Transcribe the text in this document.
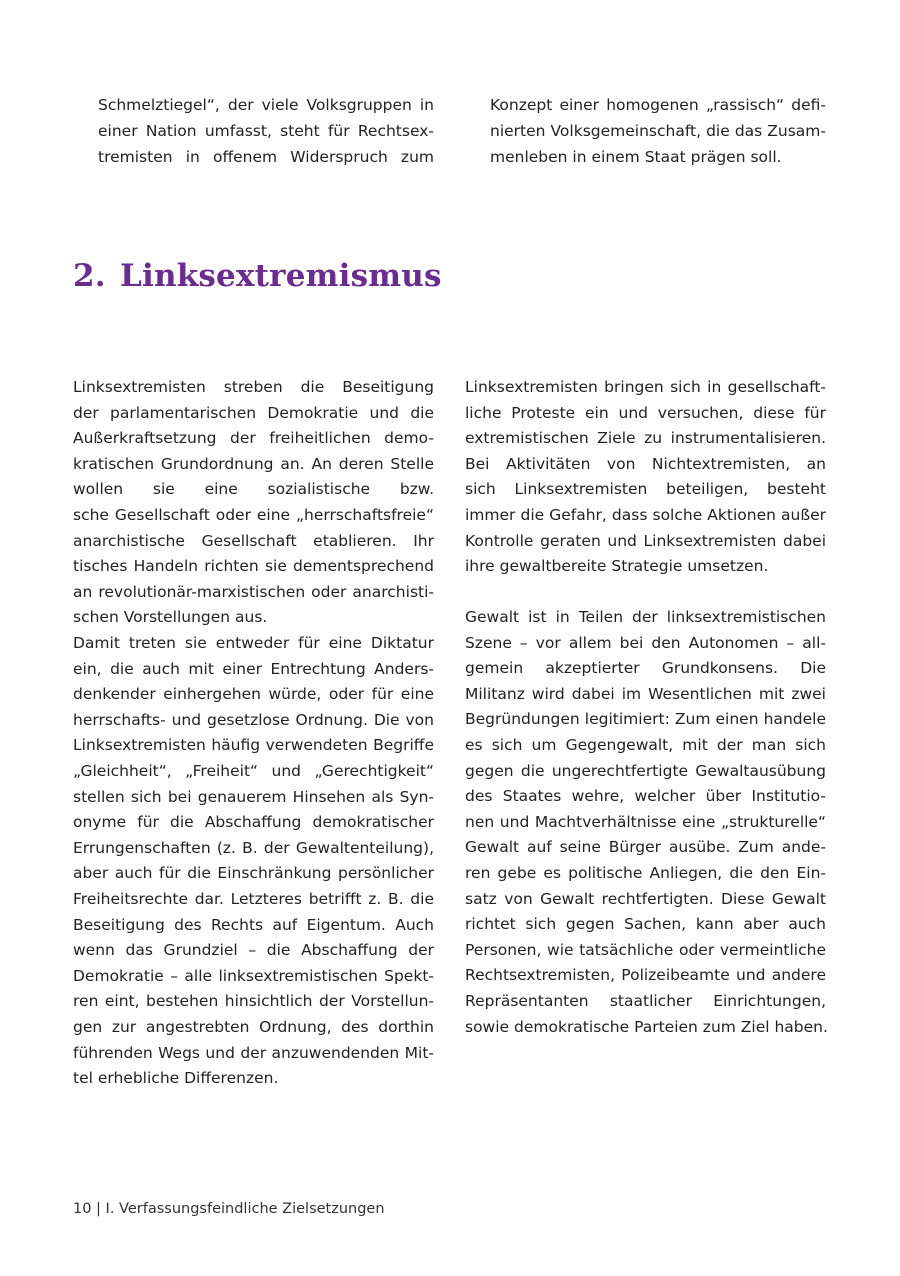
Schmelztiegel“, der viele Volksgruppen in
einer Nation umfasst, steht für Rechtsex-
tremisten in offenem Widerspruch zum
Konzept einer homogenen „rassisch“ defi-
nierten Volksgemeinschaft, die das Zusam-
menleben in einem Staat prägen soll.
2. Linksextremismus
Linksextremisten streben die Beseitigung
der parlamentarischen Demokratie und die
Außerkraftsetzung der freiheitlichen demo-
kratischen Grundordnung an. An deren Stelle
wollen sie eine sozialistische bzw.
sche Gesellschaft oder eine „herrschaftsfreie“
anarchistische Gesellschaft etablieren. Ihr
tisches Handeln richten sie dementsprechend
an revolutionär-marxistischen oder anarchisti-
schen Vorstellungen aus.
Damit treten sie entweder für eine Diktatur
ein, die auch mit einer Entrechtung Anders-
denkender einhergehen würde, oder für eine
herrschafts- und gesetzlose Ordnung. Die von
Linksextremisten häufig verwendeten Begriffe
„Gleichheit“, „Freiheit“ und „Gerechtigkeit“
stellen sich bei genauerem Hinsehen als Syn-
onyme für die Abschaffung demokratischer
Errungenschaften (z. B. der Gewaltenteilung),
aber auch für die Einschränkung persönlicher
Freiheitsrechte dar. Letzteres betrifft z. B. die
Beseitigung des Rechts auf Eigentum. Auch
wenn das Grundziel – die Abschaffung der
Demokratie – alle linksextremistischen Spekt-
ren eint, bestehen hinsichtlich der Vorstellun-
gen zur angestrebten Ordnung, des dorthin
führenden Wegs und der anzuwendenden Mit-
tel erhebliche Differenzen.
Linksextremisten bringen sich in gesellschaft-
liche Proteste ein und versuchen, diese für
extremistischen Ziele zu instrumentalisieren.
Bei Aktivitäten von Nichtextremisten, an
sich Linksextremisten beteiligen, besteht
immer die Gefahr, dass solche Aktionen außer
Kontrolle geraten und Linksextremisten dabei
ihre gewaltbereite Strategie umsetzen.
Gewalt ist in Teilen der linksextremistischen
Szene – vor allem bei den Autonomen – all-
gemein akzeptierter Grundkonsens. Die
Militanz wird dabei im Wesentlichen mit zwei
Begründungen legitimiert: Zum einen handele
es sich um Gegengewalt, mit der man sich
gegen die ungerechtfertigte Gewaltausübung
des Staates wehre, welcher über Institutio-
nen und Machtverhältnisse eine „strukturelle“
Gewalt auf seine Bürger ausübe. Zum ande-
ren gebe es politische Anliegen, die den Ein-
satz von Gewalt rechtfertigten. Diese Gewalt
richtet sich gegen Sachen, kann aber auch
Personen, wie tatsächliche oder vermeintliche
Rechtsextremisten, Polizeibeamte und andere
Repräsentanten staatlicher Einrichtungen,
sowie demokratische Parteien zum Ziel haben.
10 | I. Verfassungsfeindliche Zielsetzungen
